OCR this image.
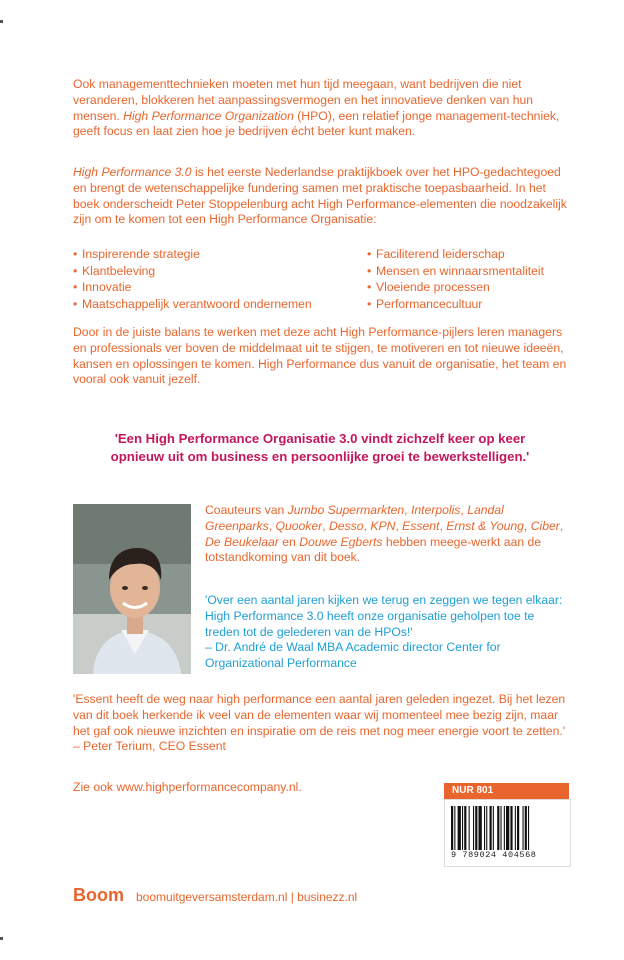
Ook managementtechnieken moeten met hun tijd meegaan, want bedrijven die niet veranderen, blokkeren het aanpassingsvermogen en het innovatieve denken van hun mensen. High Performance Organization (HPO), een relatief jonge management-techniek, geeft focus en laat zien hoe je bedrijven écht beter kunt maken.

High Performance 3.0 is het eerste Nederlandse praktijkboek over het HPO-gedachtegoed en brengt de wetenschappelijke fundering samen met praktische toepasbaarheid. In het boek onderscheidt Peter Stoppelenburg acht High Performance-elementen die noodzakelijk zijn om te komen tot een High Performance Organisatie:

• Inspirerende strategie
• Klantbeleving
• Innovatie
• Maatschappelijk verantwoord ondernemen
• Faciliterend leiderschap
• Mensen en winnaarsmentaliteit
• Vloeiende processen
• Performancecultuur

Door in de juiste balans te werken met deze acht High Performance-pijlers leren managers en professionals ver boven de middelmaat uit te stijgen, te motiveren en tot nieuwe ideeën, kansen en oplossingen te komen. High Performance dus vanuit de organisatie, het team en vooral ook vanuit jezelf.

'Een High Performance Organisatie 3.0 vindt zichzelf keer op keer opnieuw uit om business en persoonlijke groei te bewerkstelligen.'

Coauteurs van Jumbo Supermarkten, Interpolis, Landal Greenparks, Quooker, Desso, KPN, Essent, Ernst & Young, Ciber, De Beukelaar en Douwe Egberts hebben meege-werkt aan de totstandkoming van dit boek.

'Over een aantal jaren kijken we terug en zeggen we tegen elkaar: High Performance 3.0 heeft onze organisatie geholpen toe te treden tot de gelederen van de HPOs!'
– Dr. André de Waal MBA Academic director Center for Organizational Performance

'Essent heeft de weg naar high performance een aantal jaren geleden ingezet. Bij het lezen van dit boek herkende ik veel van de elementen waar wij momenteel mee bezig zijn, maar het gaf ook nieuwe inzichten en inspiratie om de reis met nog meer energie voort te zetten.' – Peter Terium, CEO Essent

Zie ook www.highperformancecompany.nl.	NUR 801
9 789024 404568
Boom boomuitgeversamsterdam.nl | businezz.nl
